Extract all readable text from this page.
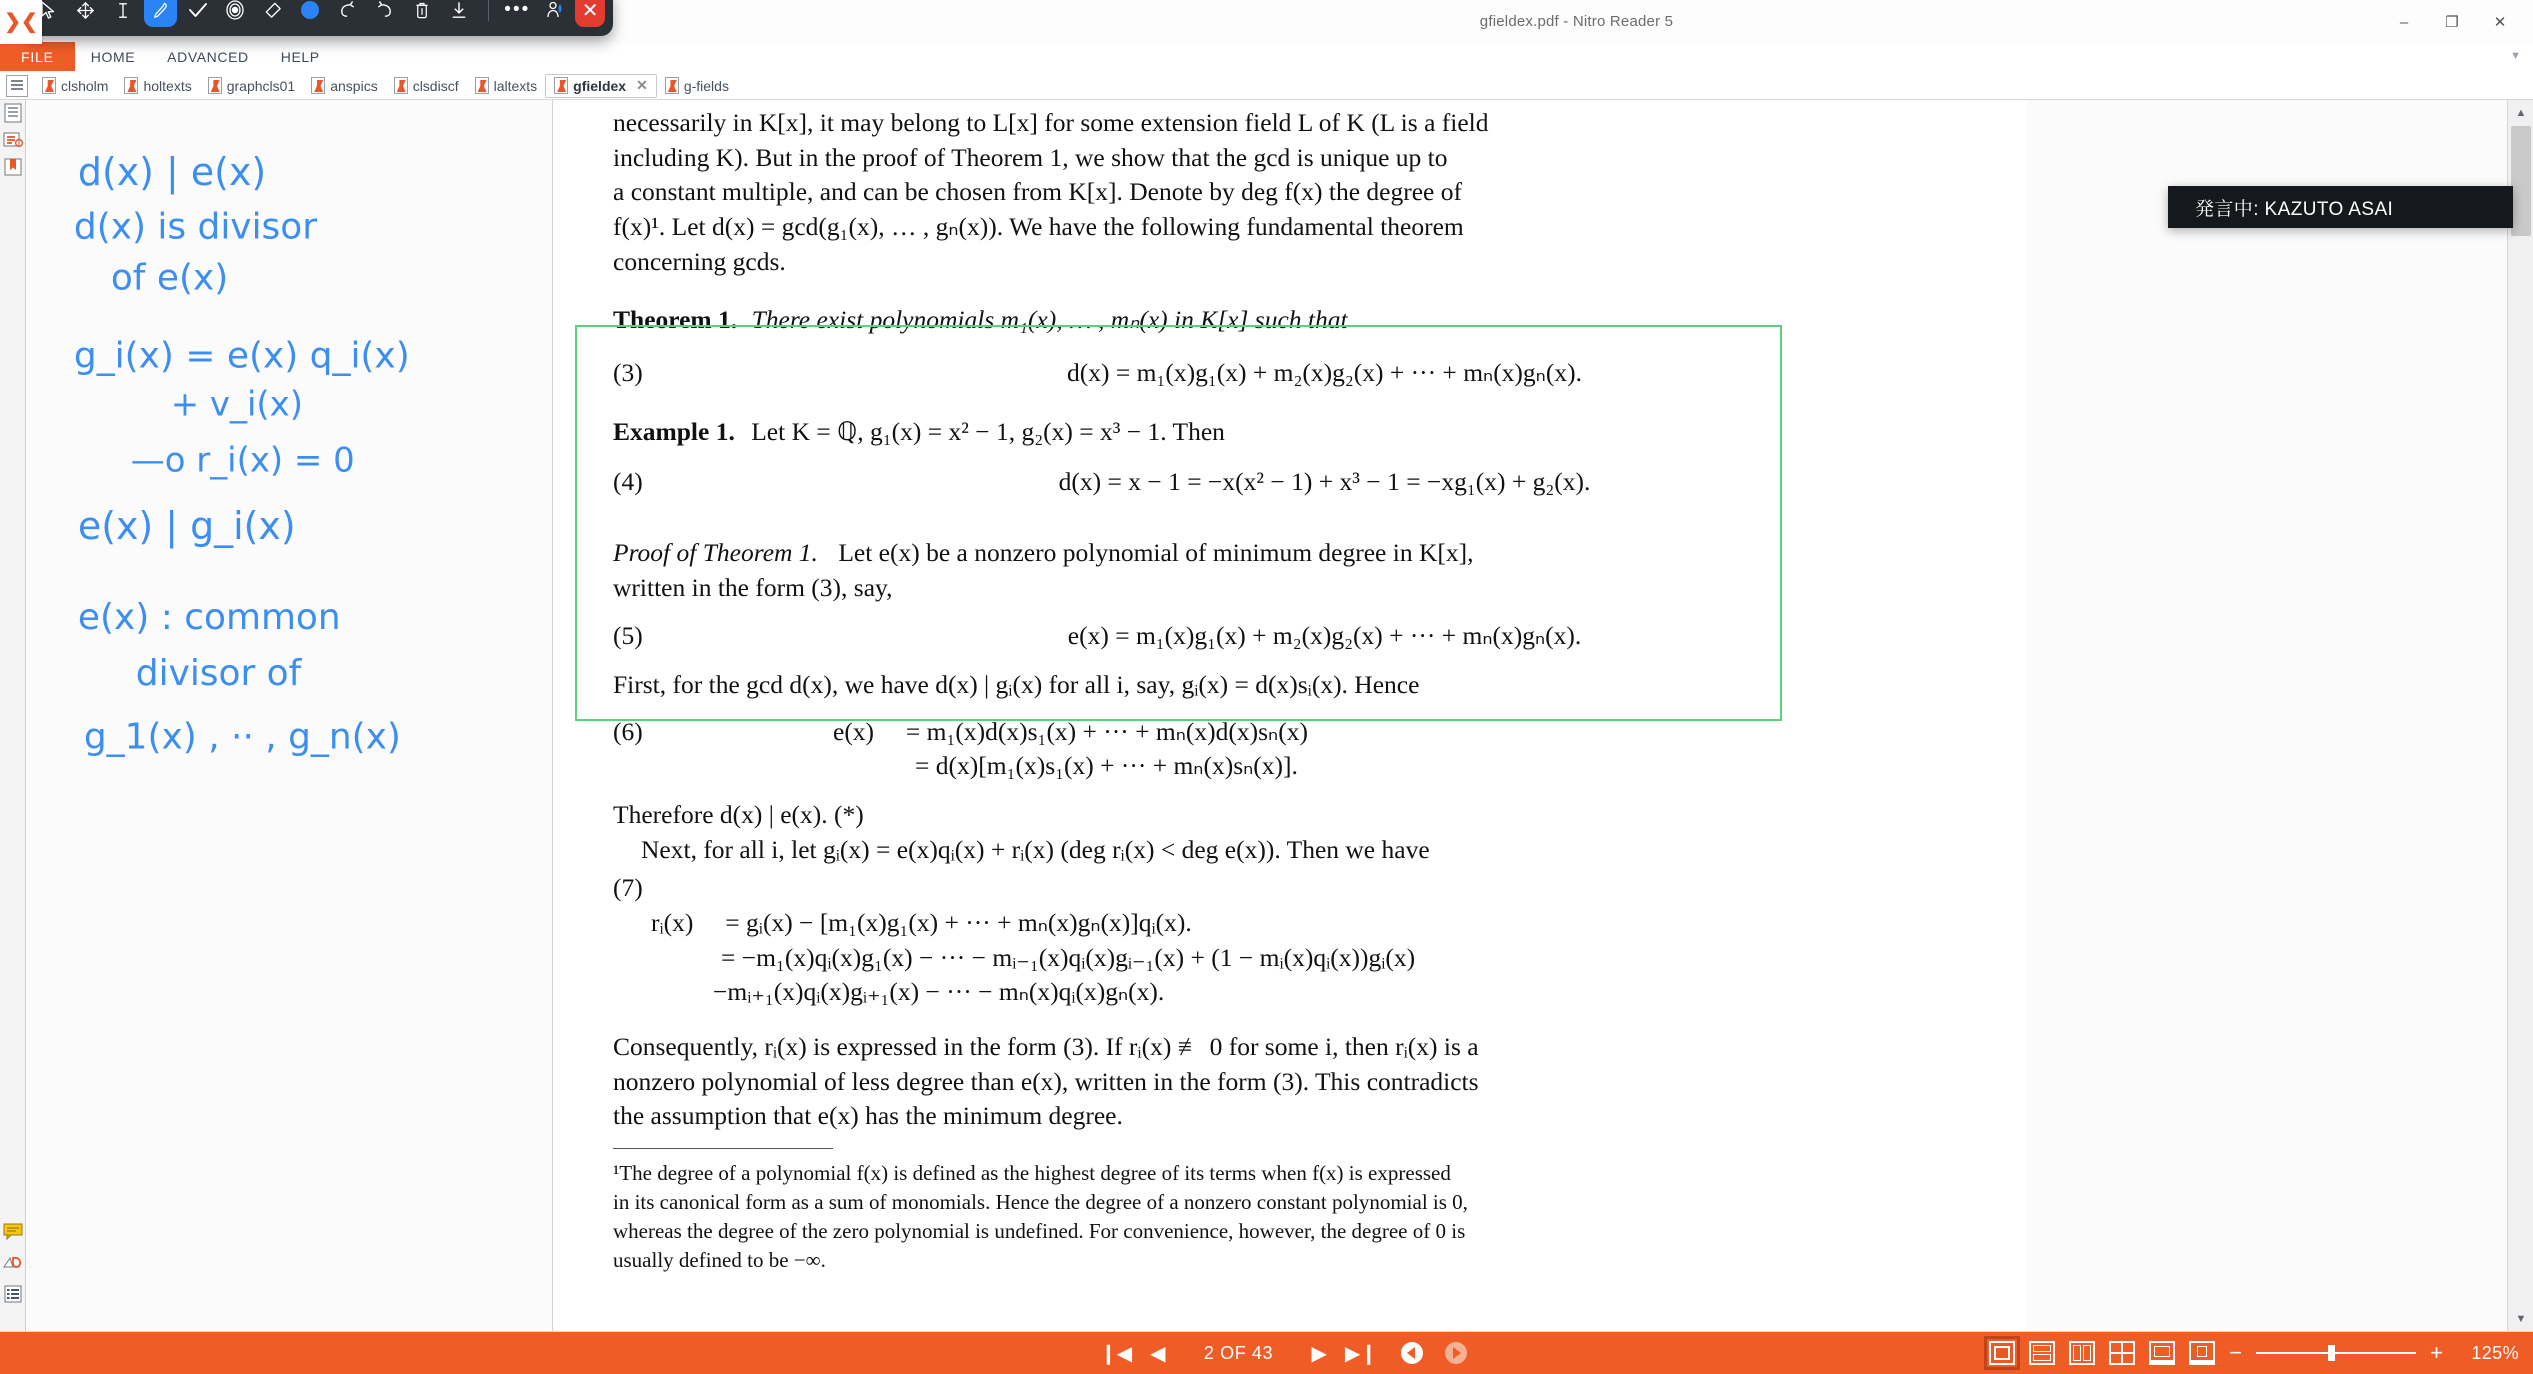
gfieldex.pdf - Nitro Reader 5	–	❐	✕
•••	✕
❯❮
FILE	HOME	ADVANCED	HELP	▼
clsholm	holtexts	graphcls01	anspics	clsdiscf	laltexts	gfieldex ✕	g-fields
d(x) | e(x)
d(x) is divisor
of e(x)
g_i(x) = e(x) q_i(x)
+ v_i(x)
—o r_i(x) = 0
e(x) | g_i(x)
e(x) : common
divisor of
g_1(x) , ·· , g_n(x)
necessarily in K[x], it may belong to L[x] for some extension field L of K (L is a field
including K). But in the proof of Theorem 1, we show that the gcd is unique up to
a constant multiple, and can be chosen from K[x]. Denote by deg f(x) the degree of
f(x)¹. Let d(x) = gcd(g₁(x), … , gₙ(x)). We have the following fundamental theorem
concerning gcds.
Theorem 1. There exist polynomials m₁(x), … , mₙ(x) in K[x] such that
(3)	d(x) = m₁(x)g₁(x) + m₂(x)g₂(x) + ··· + mₙ(x)gₙ(x).
Example 1. Let K = ℚ, g₁(x) = x² − 1, g₂(x) = x³ − 1. Then
(4)	d(x) = x − 1 = −x(x² − 1) + x³ − 1 = −xg₁(x) + g₂(x).
Proof of Theorem 1. Let e(x) be a nonzero polynomial of minimum degree in K[x],
written in the form (3), say,
(5)	e(x) = m₁(x)g₁(x) + m₂(x)g₂(x) + ··· + mₙ(x)gₙ(x).
First, for the gcd d(x), we have d(x) | gᵢ(x) for all i, say, gᵢ(x) = d(x)sᵢ(x). Hence
(6)	e(x)  = m₁(x)d(x)s₁(x) + ··· + mₙ(x)d(x)sₙ(x)
= d(x)[m₁(x)s₁(x) + ··· + mₙ(x)sₙ(x)].
Therefore d(x) | e(x). (*)
Next, for all i, let gᵢ(x) = e(x)qᵢ(x) + rᵢ(x) (deg rᵢ(x) < deg e(x)). Then we have
(7)
rᵢ(x)  = gᵢ(x) − [m₁(x)g₁(x) + ··· + mₙ(x)gₙ(x)]qᵢ(x).
= −m₁(x)qᵢ(x)g₁(x) − ··· − mᵢ₋₁(x)qᵢ(x)gᵢ₋₁(x) + (1 − mᵢ(x)qᵢ(x))gᵢ(x)
−mᵢ₊₁(x)qᵢ(x)gᵢ₊₁(x) − ··· − mₙ(x)qᵢ(x)gₙ(x).
Consequently, rᵢ(x) is expressed in the form (3). If rᵢ(x) ≢ 0 for some i, then rᵢ(x) is a
nonzero polynomial of less degree than e(x), written in the form (3). This contradicts
the assumption that e(x) has the minimum degree.
¹The degree of a polynomial f(x) is defined as the highest degree of its terms when f(x) is expressed
in its canonical form as a sum of monomials. Hence the degree of a nonzero constant polynomial is 0,
whereas the degree of the zero polynomial is undefined. For convenience, however, the degree of 0 is
usually defined to be −∞.
▲
▼
発言中: KAZUTO ASAI
❙◀ ◀	2 OF 43	▶ ▶❙	−	+	125%
